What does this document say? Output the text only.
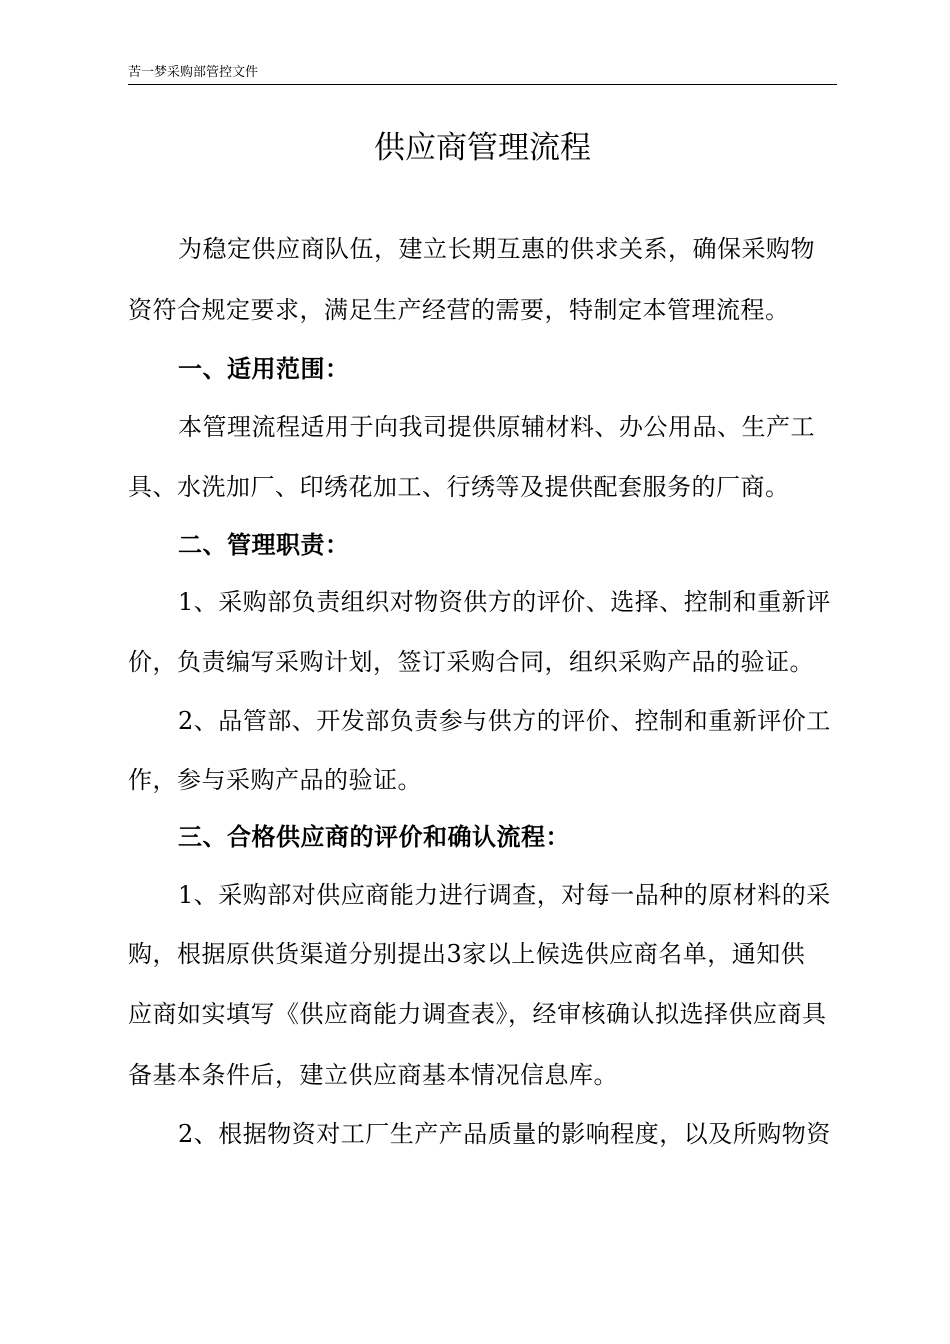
苦一梦采购部管控文件
供应商管理流程
为稳定供应商队伍，建立长期互惠的供求关系，确保采购物
资符合规定要求，满足生产经营的需要，特制定本管理流程。
一、适用范围：
本管理流程适用于向我司提供原辅材料、办公用品、生产工
具、水洗加厂、印绣花加工、行绣等及提供配套服务的厂商。
二、管理职责：
1、采购部负责组织对物资供方的评价、选择、控制和重新评
价，负责编写采购计划，签订采购合同，组织采购产品的验证。
2、品管部、开发部负责参与供方的评价、控制和重新评价工
作，参与采购产品的验证。
三、合格供应商的评价和确认流程：
1、采购部对供应商能力进行调查，对每一品种的原材料的采
购，根据原供货渠道分别提出3家以上候选供应商名单，通知供
应商如实填写《供应商能力调查表》，经审核确认拟选择供应商具
备基本条件后，建立供应商基本情况信息库。
2、根据物资对工厂生产产品质量的影响程度，以及所购物资
